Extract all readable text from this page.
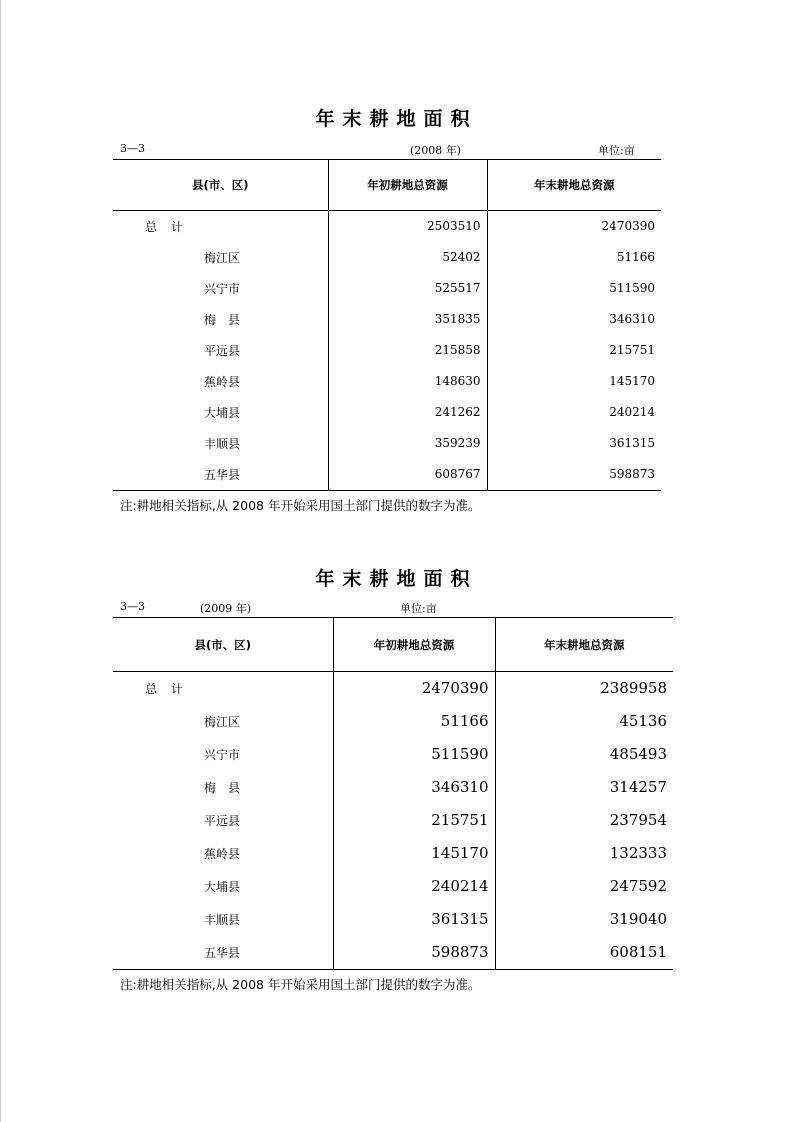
年末耕地面积
3—3	(2008 年)	单位:亩
县(市、区)	年初耕地总资源	年末耕地总资源
总计	2503510	2470390
梅江区	52402	51166
兴宁市	525517	511590
梅县	351835	346310
平远县	215858	215751
蕉岭县	148630	145170
大埔县	241262	240214
丰顺县	359239	361315
五华县	608767	598873
注:耕地相关指标,从 2008 年开始采用国土部门提供的数字为准。
年末耕地面积
3—3	(2009 年)	单位:亩
县(市、区)	年初耕地总资源	年末耕地总资源
总计	2470390	2389958
梅江区	51166	45136
兴宁市	511590	485493
梅县	346310	314257
平远县	215751	237954
蕉岭县	145170	132333
大埔县	240214	247592
丰顺县	361315	319040
五华县	598873	608151
注:耕地相关指标,从 2008 年开始采用国土部门提供的数字为准。
